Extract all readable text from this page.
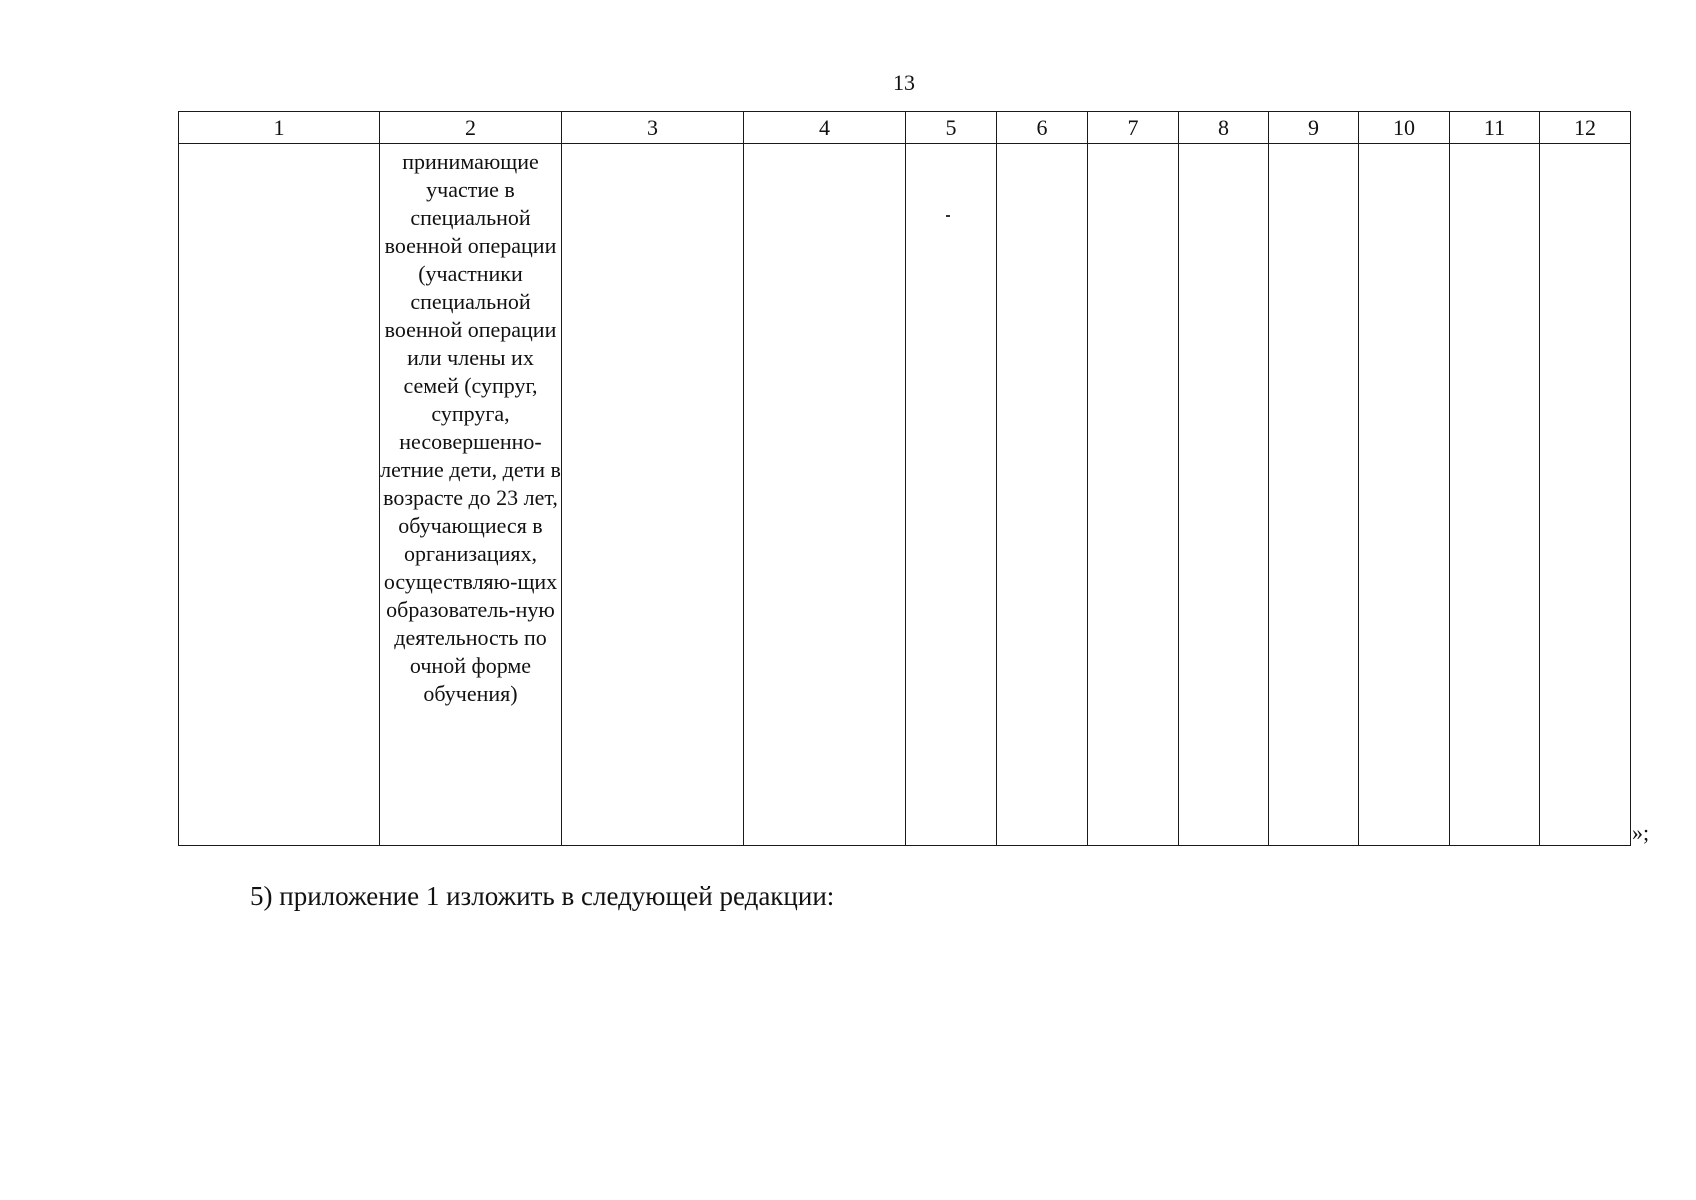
13
1	2	3	4	5	6	7	8	9	10	11	12

	принимающие участие в специальной военной операции (участники специальной военной операции или члены их семей (супруг, супруга, несовершенно-летние дети, дети в возрасте до 23 лет, обучающиеся в организациях, осуществляю-щих образователь-ную деятельность по очной форме обучения)										

»;
5) приложение 1 изложить в следующей редакции:
